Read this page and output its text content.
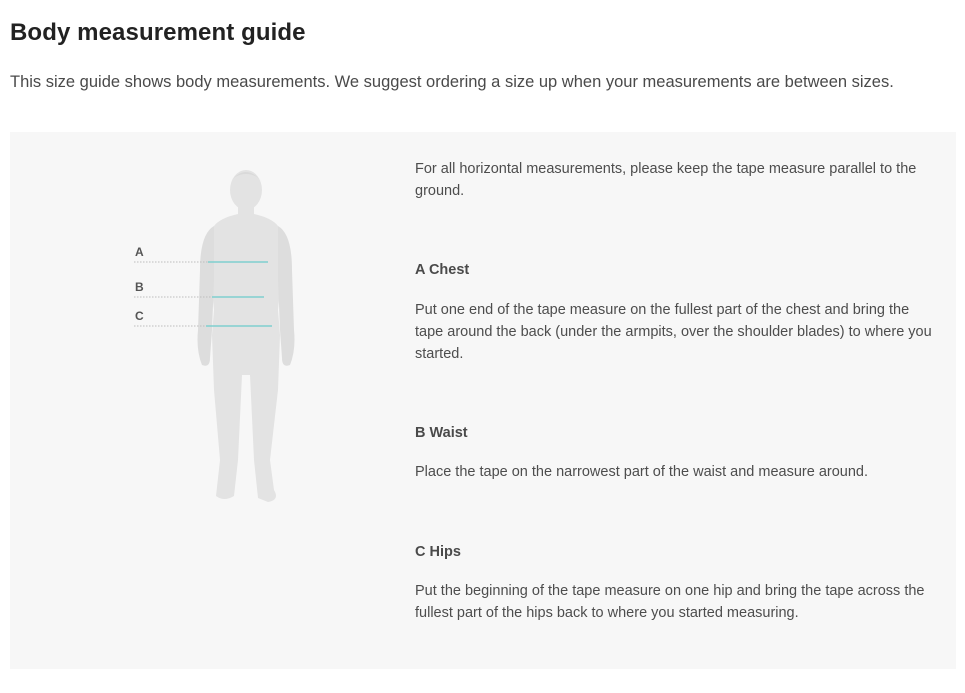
Body measurement guide

This size guide shows body measurements. We suggest ordering a size up when your measurements are between sizes.

A
B
C

For all horizontal measurements, please keep the tape measure parallel to the ground.

A Chest

Put one end of the tape measure on the fullest part of the chest and bring the tape around the back (under the armpits, over the shoulder blades) to where you started.

B Waist

Place the tape on the narrowest part of the waist and measure around.

C Hips

Put the beginning of the tape measure on one hip and bring the tape across the fullest part of the hips back to where you started measuring.
